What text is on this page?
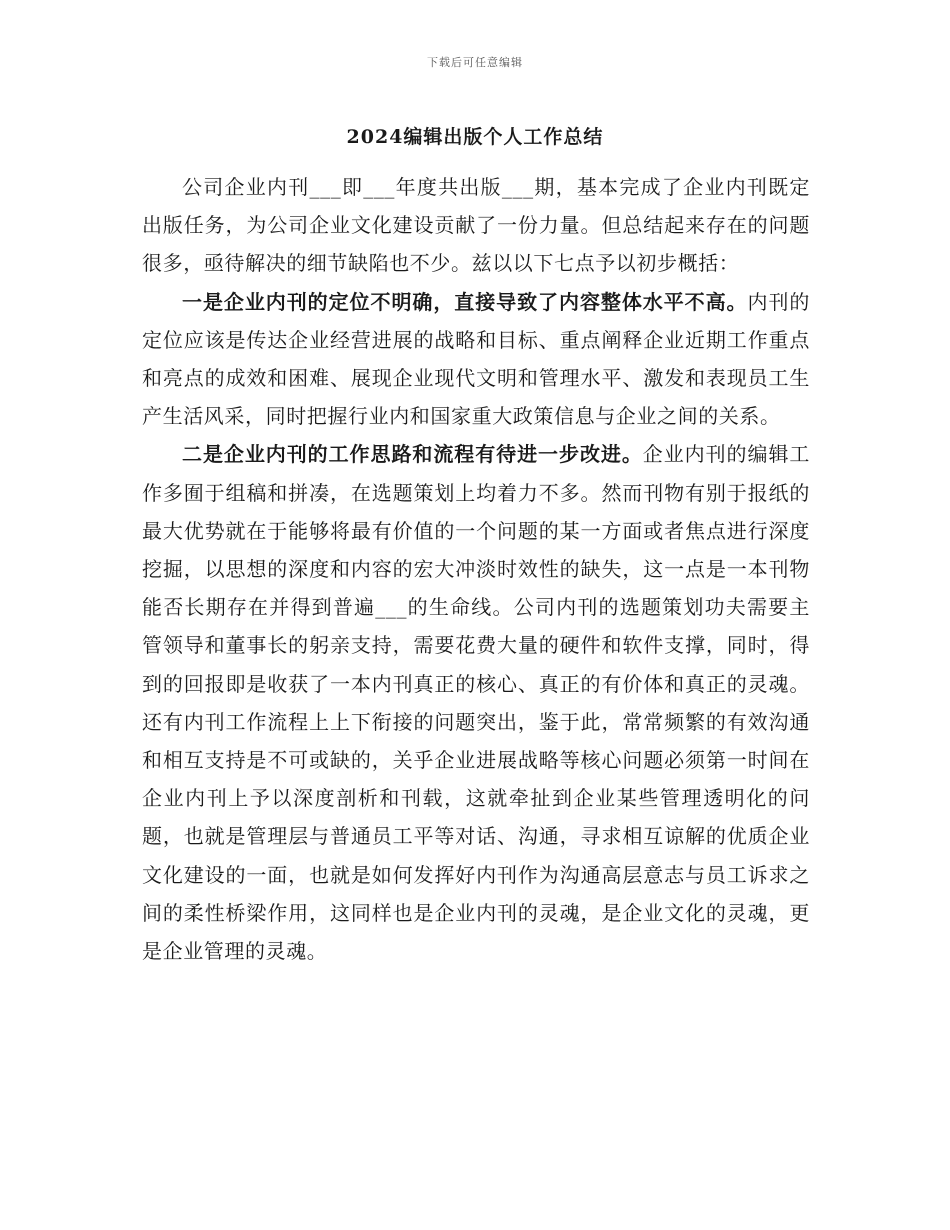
下载后可任意编辑
2024编辑出版个人工作总结

公司企业内刊___即___年度共出版___期，基本完成了企业内刊既定出版任务，为公司企业文化建设贡献了一份力量。但总结起来存在的问题很多，亟待解决的细节缺陷也不少。兹以以下七点予以初步概括：

一是企业内刊的定位不明确，直接导致了内容整体水平不高。内刊的定位应该是传达企业经营进展的战略和目标、重点阐释企业近期工作重点和亮点的成效和困难、展现企业现代文明和管理水平、激发和表现员工生产生活风采，同时把握行业内和国家重大政策信息与企业之间的关系。

二是企业内刊的工作思路和流程有待进一步改进。企业内刊的编辑工作多囿于组稿和拼凑，在选题策划上均着力不多。然而刊物有别于报纸的最大优势就在于能够将最有价值的一个问题的某一方面或者焦点进行深度挖掘，以思想的深度和内容的宏大冲淡时效性的缺失，这一点是一本刊物能否长期存在并得到普遍___的生命线。公司内刊的选题策划功夫需要主管领导和董事长的躬亲支持，需要花费大量的硬件和软件支撑，同时，得到的回报即是收获了一本内刊真正的核心、真正的有价体和真正的灵魂。还有内刊工作流程上上下衔接的问题突出，鉴于此，常常频繁的有效沟通和相互支持是不可或缺的，关乎企业进展战略等核心问题必须第一时间在企业内刊上予以深度剖析和刊载，这就牵扯到企业某些管理透明化的问题，也就是管理层与普通员工平等对话、沟通，寻求相互谅解的优质企业文化建设的一面，也就是如何发挥好内刊作为沟通高层意志与员工诉求之间的柔性桥梁作用，这同样也是企业内刊的灵魂，是企业文化的灵魂，更是企业管理的灵魂。
